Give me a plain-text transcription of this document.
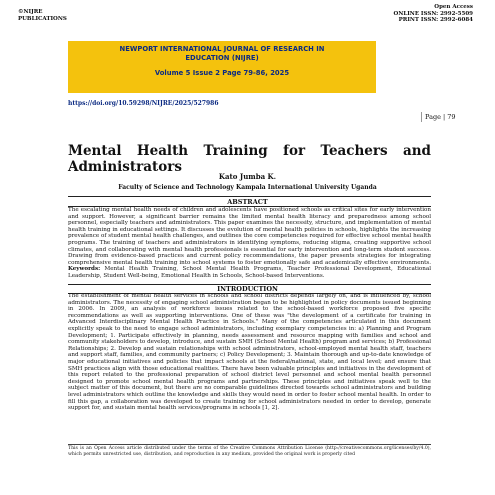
©NIJRE
PUBLICATIONS
Open Access
ONLINE ISSN: 2992-5509
PRINT ISSN: 2992-6084
NEWPORT INTERNATIONAL JOURNAL OF RESEARCH IN
EDUCATION (NIJRE)
Volume 5 Issue 2 Page 79-86, 2025
https://doi.org/10.59298/NIJRE/2025/527986
Page | 79
Mental Health Training for Teachers and Administrators
Kato Jumba K.
Faculty of Science and Technology Kampala International University Uganda
ABSTRACT

The escalating mental health needs of children and adolescents have positioned schools as critical sites for early intervention and support. However, a significant barrier remains the limited mental health literacy and preparedness among school personnel, especially teachers and administrators. This paper examines the necessity, structure, and implementation of mental health training in educational settings. It discusses the evolution of mental health policies in schools, highlights the increasing prevalence of student mental health challenges, and outlines the core competencies required for effective school mental health programs. The training of teachers and administrators in identifying symptoms, reducing stigma, creating supportive school climates, and collaborating with mental health professionals is essential for early intervention and long-term student success. Drawing from evidence-based practices and current policy recommendations, the paper presents strategies for integrating comprehensive mental health training into school systems to foster emotionally safe and academically effective environments. Keywords: Mental Health Training, School Mental Health Programs, Teacher Professional Development, Educational Leadership, Student Well-being, Emotional Health in Schools, School-based Interventions.

INTRODUCTION

The establishment of mental health services in schools and school districts depends largely on, and is influenced by, school administrators. The necessity of engaging school administration began to be highlighted in policy documents issued beginning in 2006. In 2009, an analysis of workforce issues related to the school-based workforce proposed five specific recommendations as well as supporting interventions. One of these was "the development of a certificate for training in Advanced Interdisciplinary Mental Health Practice in Schools." Many of the competencies articulated in this document explicitly speak to the need to engage school administrators, including exemplary competencies in: a) Planning and Program Development; 1. Participate effectively in planning, needs assessment and resource mapping with families and school and community stakeholders to develop, introduce, and sustain SMH (School Mental Health) program and services; b) Professional Relationships; 2. Develop and sustain relationships with school administrators, school-employed mental health staff, teachers and support staff, families, and community partners; c) Policy Development; 3. Maintain thorough and up-to-date knowledge of major educational initiatives and policies that impact schools at the federal/national, state, and local level; and ensure that SMH practices align with those educational realities. There have been valuable principles and initiatives in the development of this report related to the professional preparation of school district level personnel and school mental health personnel designed to promote school mental health programs and partnerships. These principles and initiatives speak well to the subject matter of this document, but there are no comparable guidelines directed towards school administrators and building level administrators which outline the knowledge and skills they would need in order to foster school mental health. In order to fill this gap, a collaboration was developed to create training for school administrators needed in order to develop, generate support for, and sustain mental health services/programs in schools [1, 2].

This is an Open Access article distributed under the terms of the Creative Commons Attribution License (http://creativecommons.org/licenses/by/4.0), which permits unrestricted use, distribution, and reproduction in any medium, provided the original work is properly cited
